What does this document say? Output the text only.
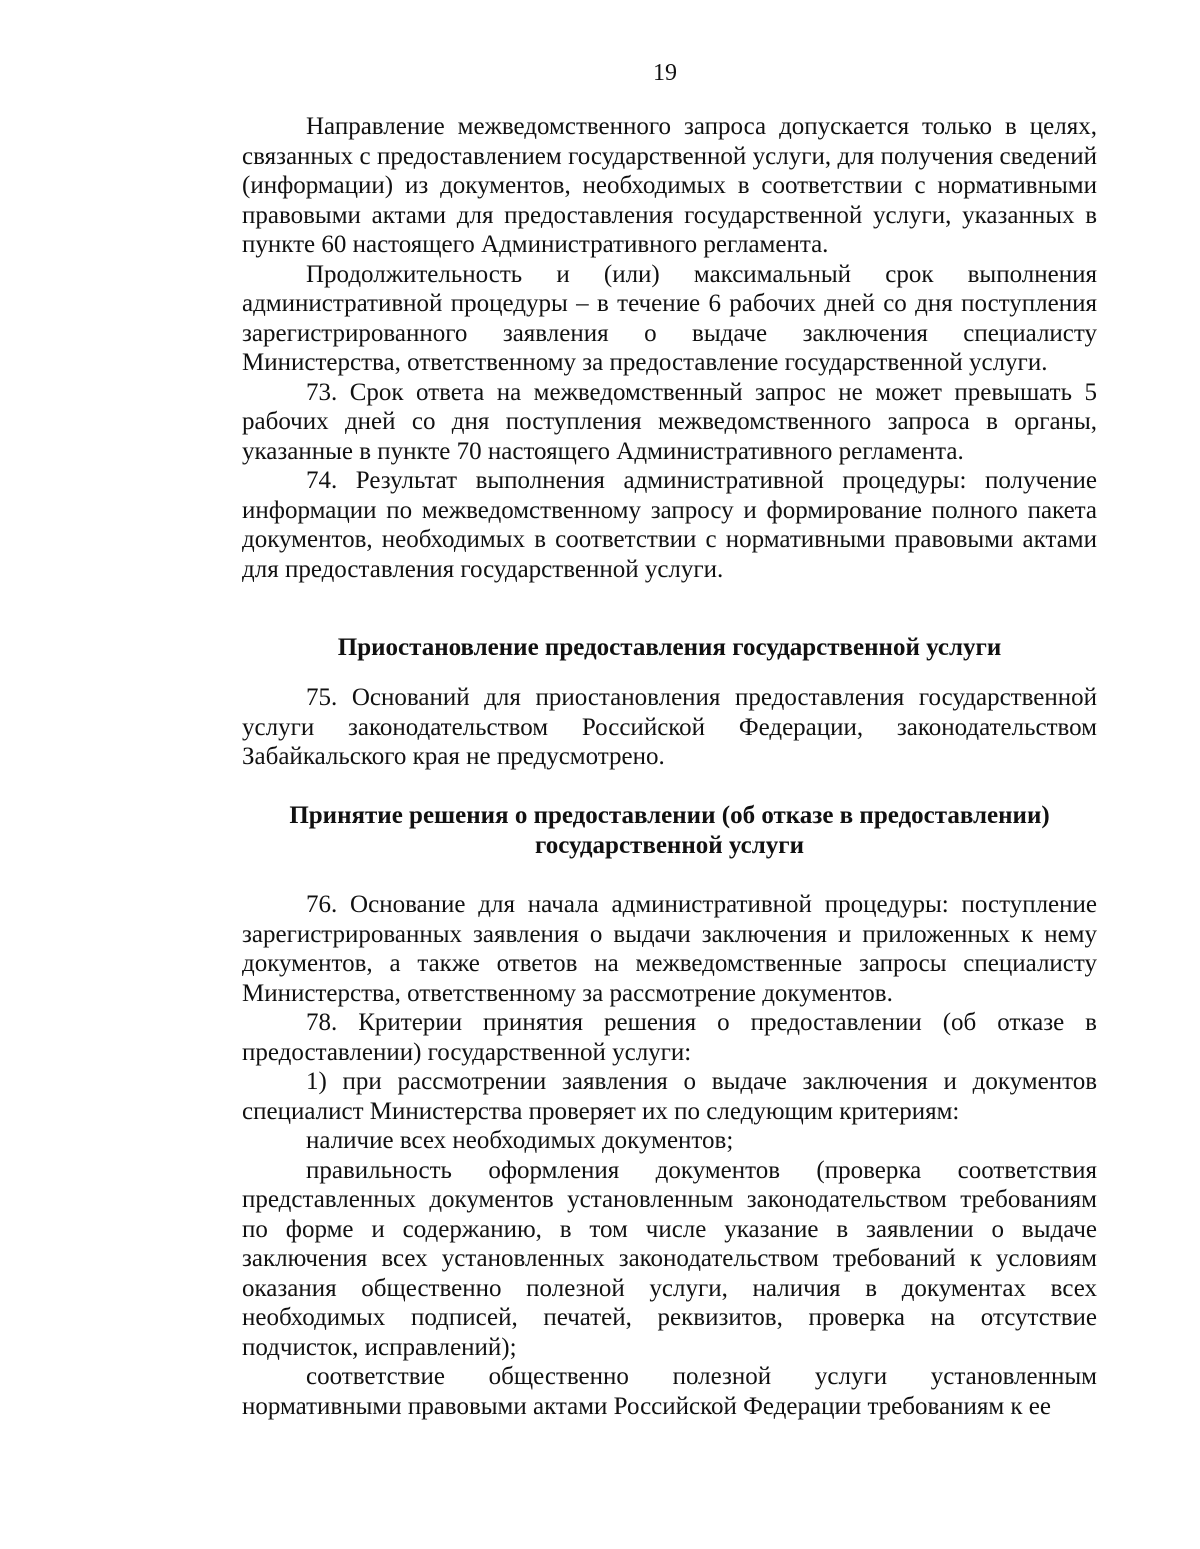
19

Направление межведомственного запроса допускается только в целях, связанных с предоставлением государственной услуги, для получения сведений (информации) из документов, необходимых в соответствии с нормативными правовыми актами для предоставления государственной услуги, указанных в пункте 60 настоящего Административного регламента.

Продолжительность и (или) максимальный срок выполнения административной процедуры – в течение 6 рабочих дней со дня поступления зарегистрированного заявления о выдаче заключения специалисту Министерства, ответственному за предоставление государственной услуги.

73. Срок ответа на межведомственный запрос не может превышать 5 рабочих дней со дня поступления межведомственного запроса в органы, указанные в пункте 70 настоящего Административного регламента.

74. Результат выполнения административной процедуры: получение информации по межведомственному запросу и формирование полного пакета документов, необходимых в соответствии с нормативными правовыми актами для предоставления государственной услуги.

Приостановление предоставления государственной услуги

75. Оснований для приостановления предоставления государственной услуги законодательством Российской Федерации, законодательством Забайкальского края не предусмотрено.

Принятие решения о предоставлении (об отказе в предоставлении)
государственной услуги

76. Основание для начала административной процедуры: поступление зарегистрированных заявления о выдачи заключения и приложенных к нему документов, а также ответов на межведомственные запросы специалисту Министерства, ответственному за рассмотрение документов.

78. Критерии принятия решения о предоставлении (об отказе в предоставлении) государственной услуги:

1) при рассмотрении заявления о выдаче заключения и документов специалист Министерства проверяет их по следующим критериям:

наличие всех необходимых документов;

правильность оформления документов (проверка соответствия представленных документов установленным законодательством требованиям по форме и содержанию, в том числе указание в заявлении о выдаче заключения всех установленных законодательством требований к условиям оказания общественно полезной услуги, наличия в документах всех необходимых подписей, печатей, реквизитов, проверка на отсутствие подчисток, исправлений);

соответствие общественно полезной услуги установленным нормативными правовыми актами Российской Федерации требованиям к ее
